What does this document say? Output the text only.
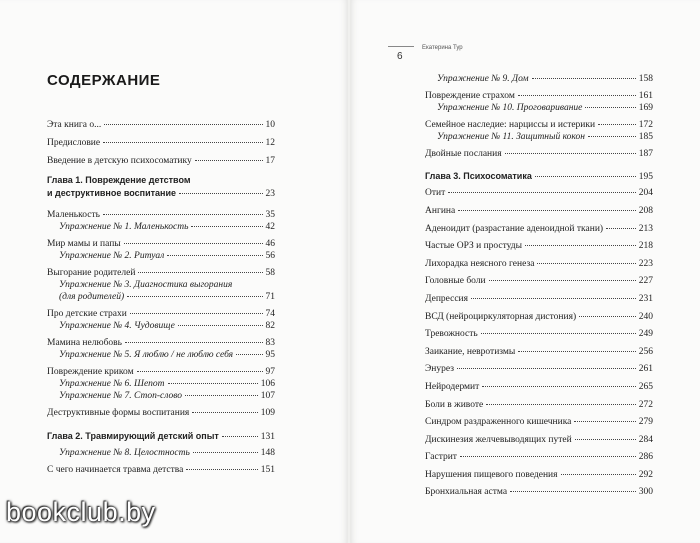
СОДЕРЖАНИЕ
6
Екатерина Тур
Эта книга о...	10
Предисловие	12
Введение в детскую психосоматику	17
Глава 1. Повреждение детством
и деструктивное воспитание	23
Маленькость	35
Упражнение № 1. Маленькость	42
Мир мамы и папы	46
Упражнение № 2. Ритуал	56
Выгорание родителей	58
Упражнение № 3. Диагностика выгорания
(для родителей)	71
Про детские страхи	74
Упражнение № 4. Чудовище	82
Мамина нелюбовь	83
Упражнение № 5. Я люблю / не люблю себя	95
Повреждение криком	97
Упражнение № 6. Шепот	106
Упражнение № 7. Стоп-слово	107
Деструктивные формы воспитания	109
Глава 2. Травмирующий детский опыт	131
Упражнение № 8. Целостность	148
С чего начинается травма детства	151
Упражнение № 9. Дом	158
Повреждение страхом	161
Упражнение № 10. Проговаривание	169
Семейное наследие: нарциссы и истерики	172
Упражнение № 11. Защитный кокон	185
Двойные послания	187
Глава 3. Психосоматика	195
Отит	204
Ангина	208
Аденоидит (разрастание аденоидной ткани)	213
Частые ОРЗ и простуды	218
Лихорадка неясного генеза	223
Головные боли	227
Депрессия	231
ВСД (нейроциркуляторная дистония)	240
Тревожность	249
Заикание, невротизмы	256
Энурез	261
Нейродермит	265
Боли в животе	272
Синдром раздраженного кишечника	279
Дискинезия желчевыводящих путей	284
Гастрит	286
Нарушения пищевого поведения	292
Бронхиальная астма	300
bookclub.by
